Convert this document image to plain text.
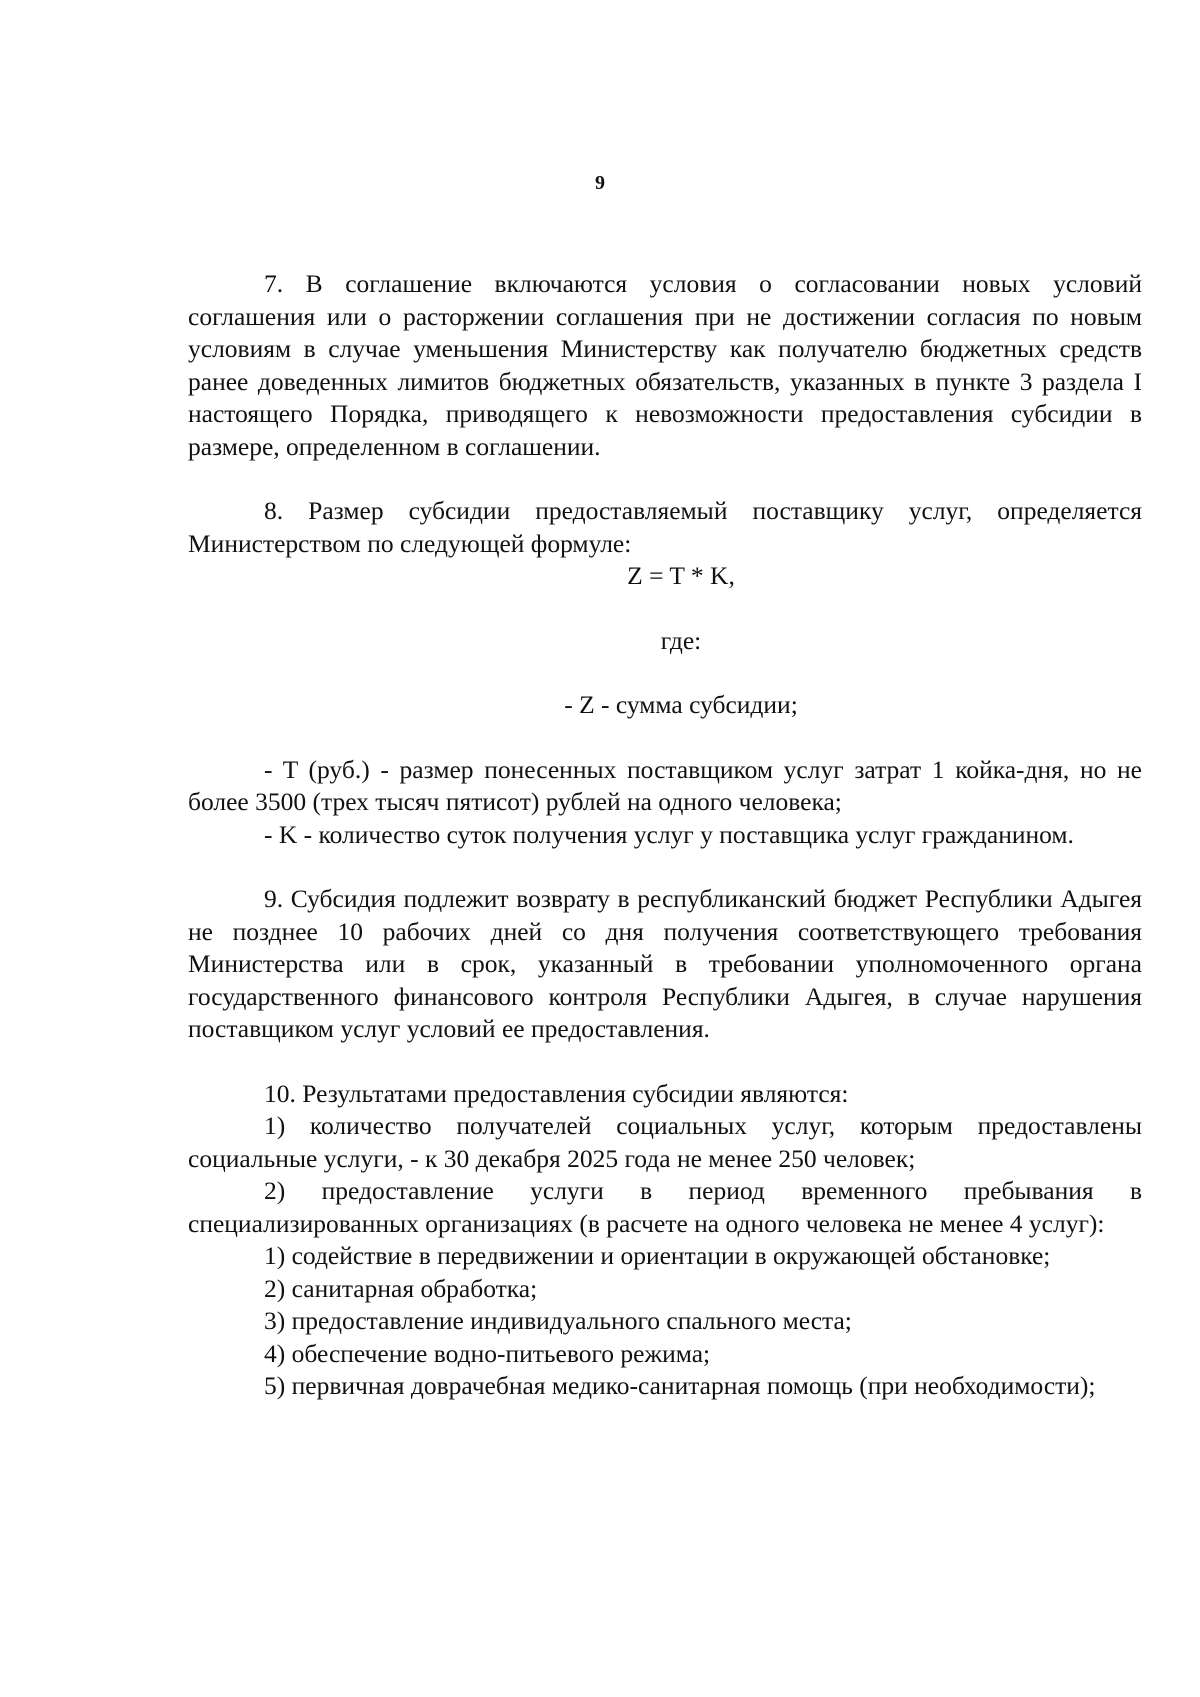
9

7. В соглашение включаются условия о согласовании новых условий соглашения или о расторжении соглашения при не достижении согласия по новым условиям в случае уменьшения Министерству как получателю бюджетных средств ранее доведенных лимитов бюджетных обязательств, указанных в пункте 3 раздела I настоящего Порядка, приводящего к невозможности предоставления субсидии в размере, определенном в соглашении.

8. Размер субсидии предоставляемый поставщику услуг, определяется Министерством по следующей формуле:

Z = T * K,

где:

- Z - сумма субсидии;

- T (руб.) - размер понесенных поставщиком услуг затрат 1 койка-дня, но не более 3500 (трех тысяч пятисот) рублей на одного человека;

- K - количество суток получения услуг у поставщика услуг гражданином.

9. Субсидия подлежит возврату в республиканский бюджет Республики Адыгея не позднее 10 рабочих дней со дня получения соответствующего требования Министерства или в срок, указанный в требовании уполномоченного органа государственного финансового контроля Республики Адыгея, в случае нарушения поставщиком услуг условий ее предоставления.

10. Результатами предоставления субсидии являются:

1) количество получателей социальных услуг, которым предоставлены социальные услуги, - к 30 декабря 2025 года не менее 250 человек;

2) предоставление услуги в период временного пребывания в специализированных организациях (в расчете на одного человека не менее 4 услуг):

1) содействие в передвижении и ориентации в окружающей обстановке;

2) санитарная обработка;

3) предоставление индивидуального спального места;

4) обеспечение водно-питьевого режима;

5) первичная доврачебная медико-санитарная помощь (при необходимости);
